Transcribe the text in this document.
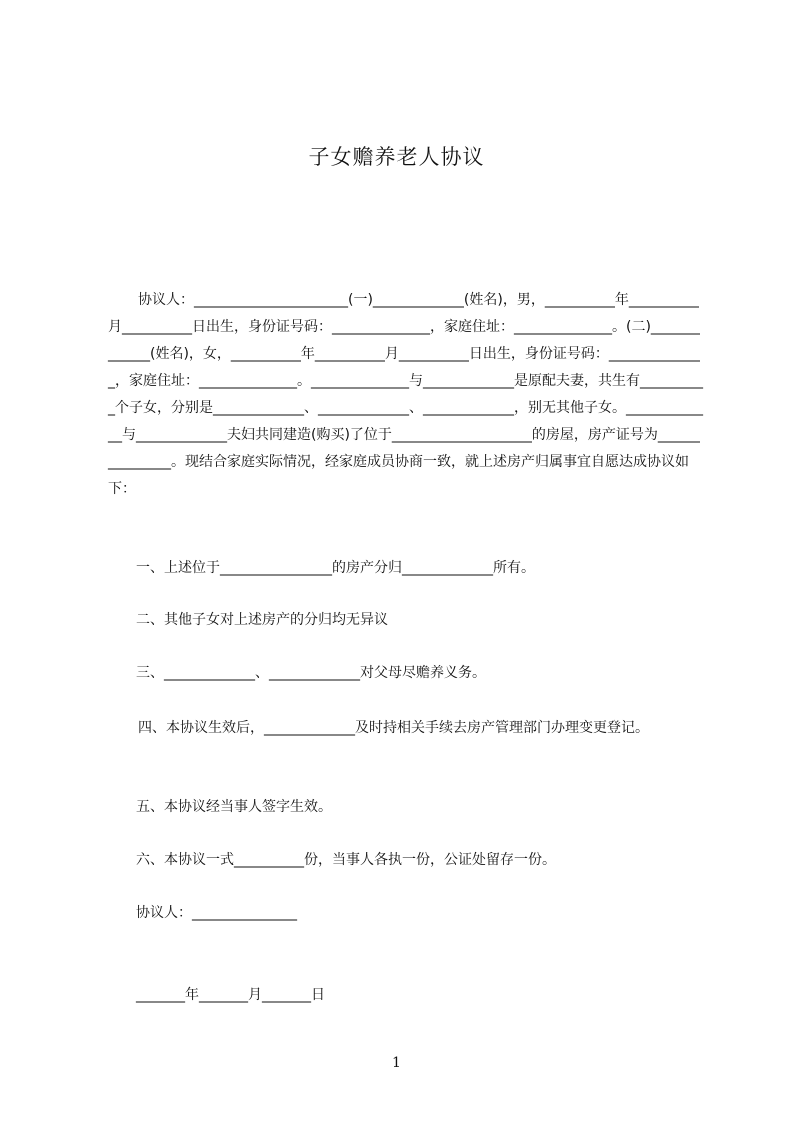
子女赡养老人协议

协议人：______________________(一)_____________(姓名)，男，__________年__________月__________日出生，身份证号码：______________，家庭住址：______________。(二)_____________(姓名)，女，__________年__________月__________日出生，身份证号码：______________，家庭住址：______________。______________与_____________是原配夫妻，共生有__________个子女，分别是_____________、_____________、_____________，别无其他子女。_____________与_____________夫妇共同建造(购买)了位于____________________的房屋，房产证号为_______________。现结合家庭实际情况，经家庭成员协商一致，就上述房产归属事宜自愿达成协议如下：

一、上述位于________________的房产分归_____________所有。

二、其他子女对上述房产的分归均无异议

三、_____________、_____________对父母尽赡养义务。

四、本协议生效后，_____________及时持相关手续去房产管理部门办理变更登记。

五、本协议经当事人签字生效。

六、本协议一式__________份，当事人各执一份，公证处留存一份。

协议人：_______________

_______年_______月_______日

1
